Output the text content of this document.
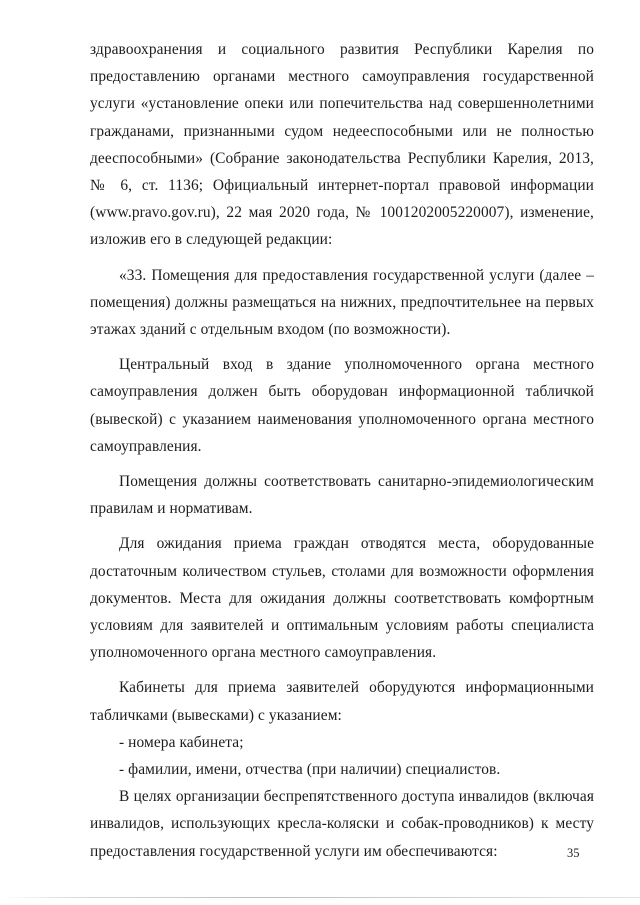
здравоохранения и социального развития Республики Карелия по предоставлению органами местного самоуправления государственной услуги «установление опеки или попечительства над совершеннолетними гражданами, признанными судом недееспособными или не полностью дееспособными» (Собрание законодательства Республики Карелия, 2013, № 6, ст. 1136; Официальный интернет-портал правовой информации (www.pravo.gov.ru), 22 мая 2020 года, № 1001202005220007), изменение, изложив его в следующей редакции:

«33. Помещения для предоставления государственной услуги (далее – помещения) должны размещаться на нижних, предпочтительнее на первых этажах зданий с отдельным входом (по возможности).

Центральный вход в здание уполномоченного органа местного самоуправления должен быть оборудован информационной табличкой (вывеской) с указанием наименования уполномоченного органа местного самоуправления.

Помещения должны соответствовать санитарно-эпидемиологическим правилам и нормативам.

Для ожидания приема граждан отводятся места, оборудованные достаточным количеством стульев, столами для возможности оформления документов. Места для ожидания должны соответствовать комфортным условиям для заявителей и оптимальным условиям работы специалиста уполномоченного органа местного самоуправления.

Кабинеты для приема заявителей оборудуются информационными табличками (вывесками) с указанием:

- номера кабинета;

- фамилии, имени, отчества (при наличии) специалистов.

В целях организации беспрепятственного доступа инвалидов (включая инвалидов, использующих кресла-коляски и собак-проводников) к месту предоставления государственной услуги им обеспечиваются:	35
